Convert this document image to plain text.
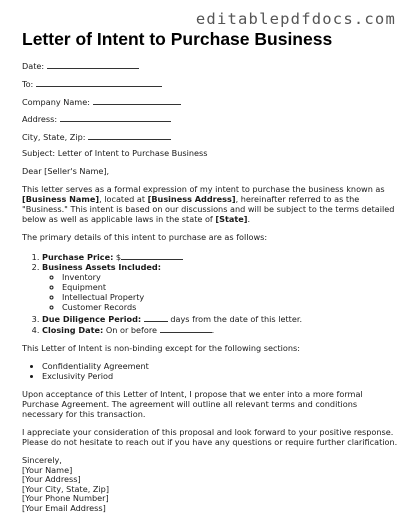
editablepdfdocs.com
Letter of Intent to Purchase Business
Date:
To:
Company Name:
Address:
City, State, Zip:

Subject: Letter of Intent to Purchase Business

Dear [Seller's Name],

This letter serves as a formal expression of my intent to purchase the business known as [Business Name], located at [Business Address], hereinafter referred to as the "Business." This intent is based on our discussions and will be subject to the terms detailed below as well as applicable laws in the state of [State].

The primary details of this intent to purchase are as follows:

1. Purchase Price: $
2. Business Assets Included:
◦ Inventory
◦ Equipment
◦ Intellectual Property
◦ Customer Records
3. Due Diligence Period:	days from the date of this letter.
4. Closing Date: On or before	.

This Letter of Intent is non-binding except for the following sections:

• Confidentiality Agreement
• Exclusivity Period

Upon acceptance of this Letter of Intent, I propose that we enter into a more formal Purchase Agreement. The agreement will outline all relevant terms and conditions necessary for this transaction.

I appreciate your consideration of this proposal and look forward to your positive response. Please do not hesitate to reach out if you have any questions or require further clarification.

Sincerely,
[Your Name]
[Your Address]
[Your City, State, Zip]
[Your Phone Number]
[Your Email Address]
